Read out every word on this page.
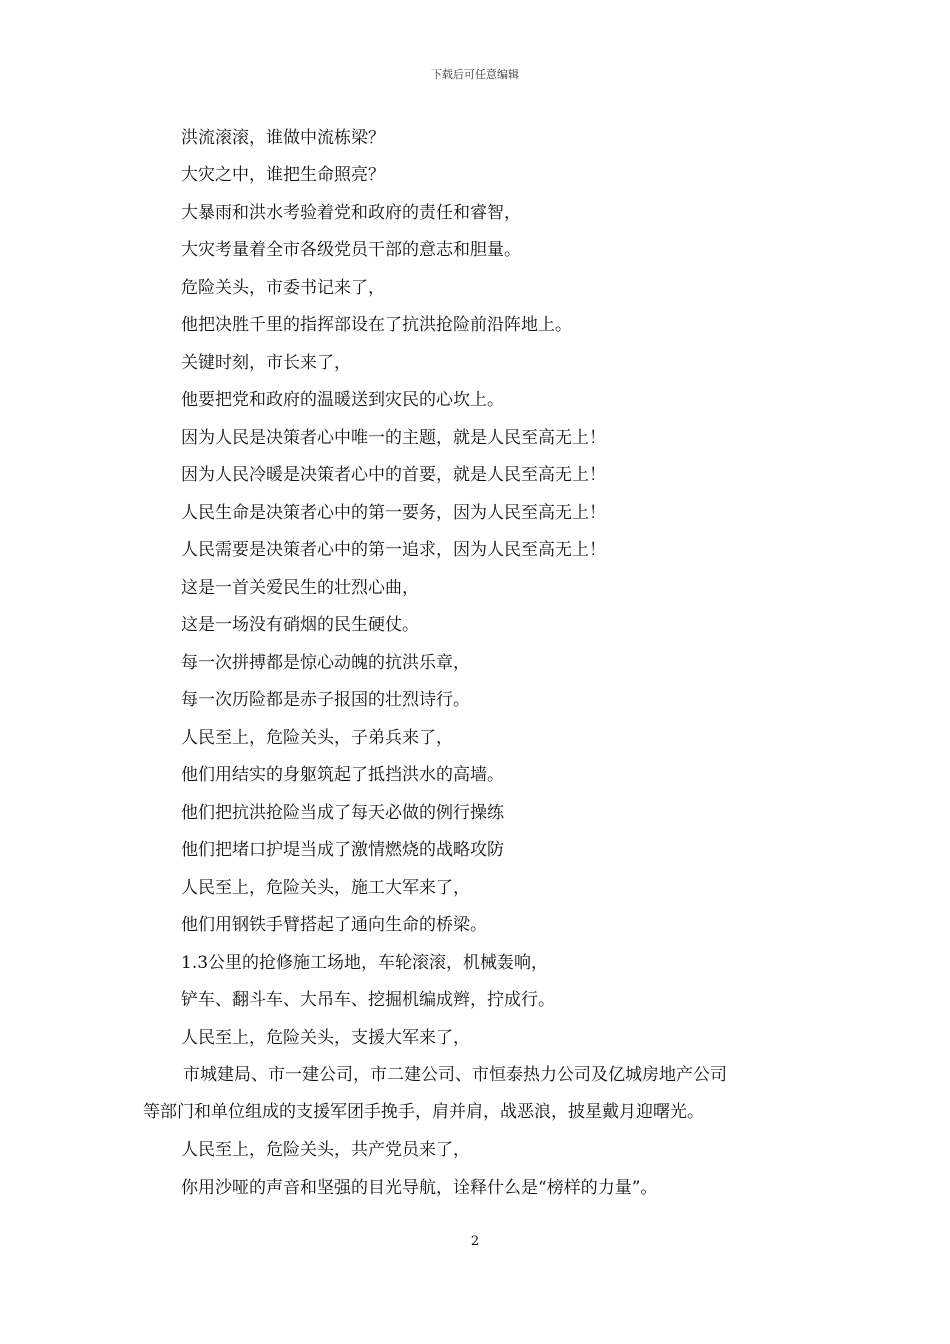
下载后可任意编辑
洪流滚滚，谁做中流栋梁？
大灾之中，谁把生命照亮？
大暴雨和洪水考验着党和政府的责任和睿智，
大灾考量着全市各级党员干部的意志和胆量。
危险关头，市委书记来了，
他把决胜千里的指挥部设在了抗洪抢险前沿阵地上。
关键时刻，市长来了，
他要把党和政府的温暖送到灾民的心坎上。
因为人民是决策者心中唯一的主题，就是人民至高无上！
因为人民冷暖是决策者心中的首要，就是人民至高无上！
人民生命是决策者心中的第一要务，因为人民至高无上！
人民需要是决策者心中的第一追求，因为人民至高无上！
这是一首关爱民生的壮烈心曲，
这是一场没有硝烟的民生硬仗。
每一次拼搏都是惊心动魄的抗洪乐章，
每一次历险都是赤子报国的壮烈诗行。
人民至上，危险关头，子弟兵来了，
他们用结实的身躯筑起了抵挡洪水的高墙。
他们把抗洪抢险当成了每天必做的例行操练
他们把堵口护堤当成了激情燃烧的战略攻防
人民至上，危险关头，施工大军来了，
他们用钢铁手臂搭起了通向生命的桥梁。
1.3公里的抢修施工场地，车轮滚滚，机械轰响，
铲车、翻斗车、大吊车、挖掘机编成辫，拧成行。
人民至上，危险关头，支援大军来了，
市城建局、市一建公司，市二建公司、市恒泰热力公司及亿城房地产公司
等部门和单位组成的支援军团手挽手，肩并肩，战恶浪，披星戴月迎曙光。
人民至上，危险关头，共产党员来了，
你用沙哑的声音和坚强的目光导航，诠释什么是“榜样的力量”。
2
